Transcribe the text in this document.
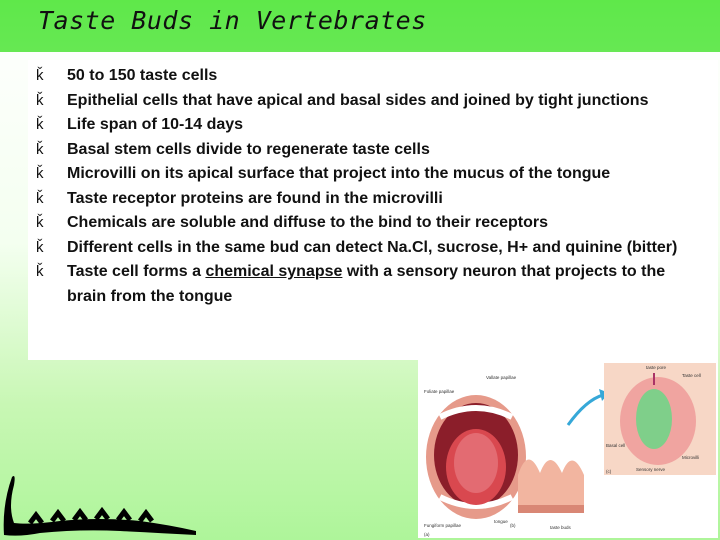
Taste Buds in Vertebrates
ǩ 50 to 150 taste cells
ǩ Epithelial cells that have apical and basal sides and joined by tight junctions
ǩ Life span of 10-14 days
ǩ Basal stem cells divide to regenerate taste cells
ǩ Microvilli on its apical surface that project into the mucus of the tongue
ǩ Taste receptor proteins are found in the microvilli
ǩ Chemicals are soluble and diffuse to the bind to their receptors
ǩ Different cells in the same bud can detect Na.Cl, sucrose, H+ and quinine (bitter)
ǩ Taste cell forms a chemical synapse with a sensory neuron that projects to the brain from the tongue
Foliate papillae
Vallate papillae
Fungiform papillae
tongue
(a)
taste buds
(b)
taste pore
Taste cell
Basal cell
Microvilli
Sensory nerve
(c)
